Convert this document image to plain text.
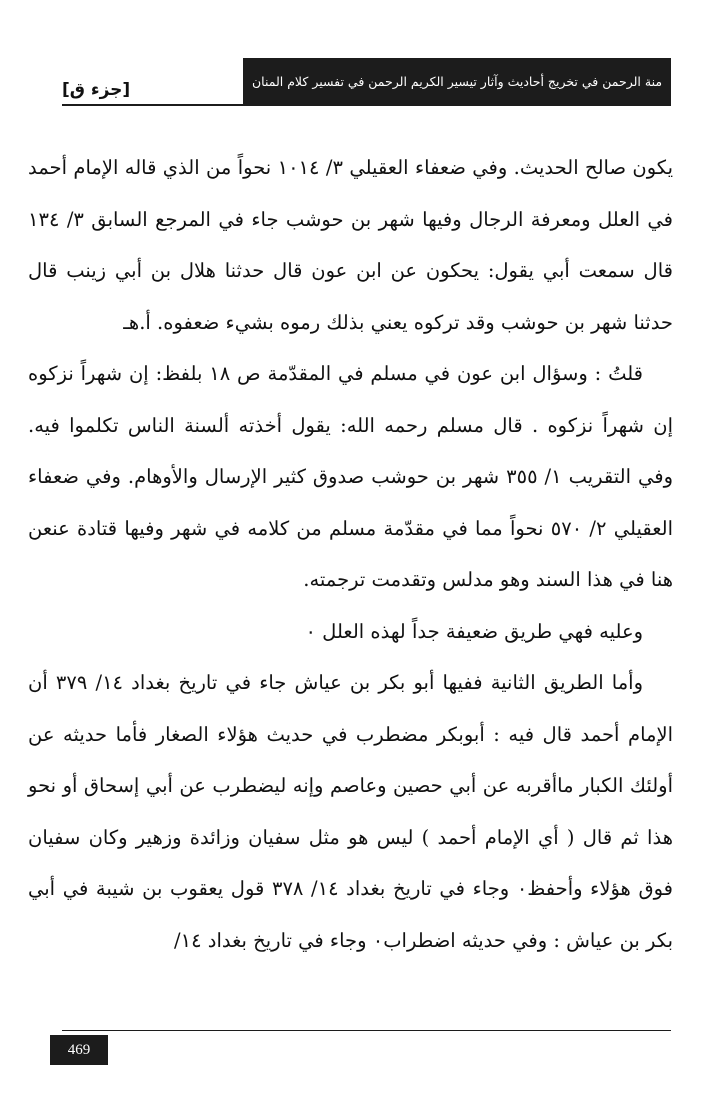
[جزء ق]	منة الرحمن في تخريج أحاديث وآثار تيسير الكريم الرحمن في تفسير كلام المنان

يكون صالح الحديث. وفي ضعفاء العقيلي ٣/ ١٠١٤ نحواً من الذي قاله الإمام أحمد في العلل ومعرفة الرجال وفيها شهر بن حوشب جاء في المرجع السابق ٣/ ١٣٤ قال سمعت أبي يقول: يحكون عن ابن عون قال حدثنا هلال بن أبي زينب قال حدثنا شهر بن حوشب وقد تركوه يعني بذلك رموه بشيء ضعفوه. أ.هـ

قلتُ : وسؤال ابن عون في مسلم في المقدّمة ص ١٨ بلفظ: إن شهراً نزكوه إن شهراً نزكوه . قال مسلم رحمه الله: يقول أخذته ألسنة الناس تكلموا فيه. وفي التقريب ١/ ٣٥٥ شهر بن حوشب صدوق كثير الإرسال والأوهام. وفي ضعفاء العقيلي ٢/ ٥٧٠ نحواً مما في مقدّمة مسلم من كلامه في شهر وفيها قتادة عنعن هنا في هذا السند وهو مدلس وتقدمت ترجمته.

وعليه فهي طريق ضعيفة جداً لهذه العلل ٠

وأما الطريق الثانية ففيها أبو بكر بن عياش جاء في تاريخ بغداد ١٤/ ٣٧٩ أن الإمام أحمد قال فيه : أبوبكر مضطرب في حديث هؤلاء الصغار فأما حديثه عن أولئك الكبار ماأقربه عن أبي حصين وعاصم وإنه ليضطرب عن أبي إسحاق أو نحو هذا ثم قال ( أي الإمام أحمد ) ليس هو مثل سفيان وزائدة وزهير وكان سفيان فوق هؤلاء وأحفظ٠ وجاء في تاريخ بغداد ١٤/ ٣٧٨ قول يعقوب بن شيبة في أبي بكر بن عياش : وفي حديثه اضطراب٠ وجاء في تاريخ بغداد ١٤/

469
